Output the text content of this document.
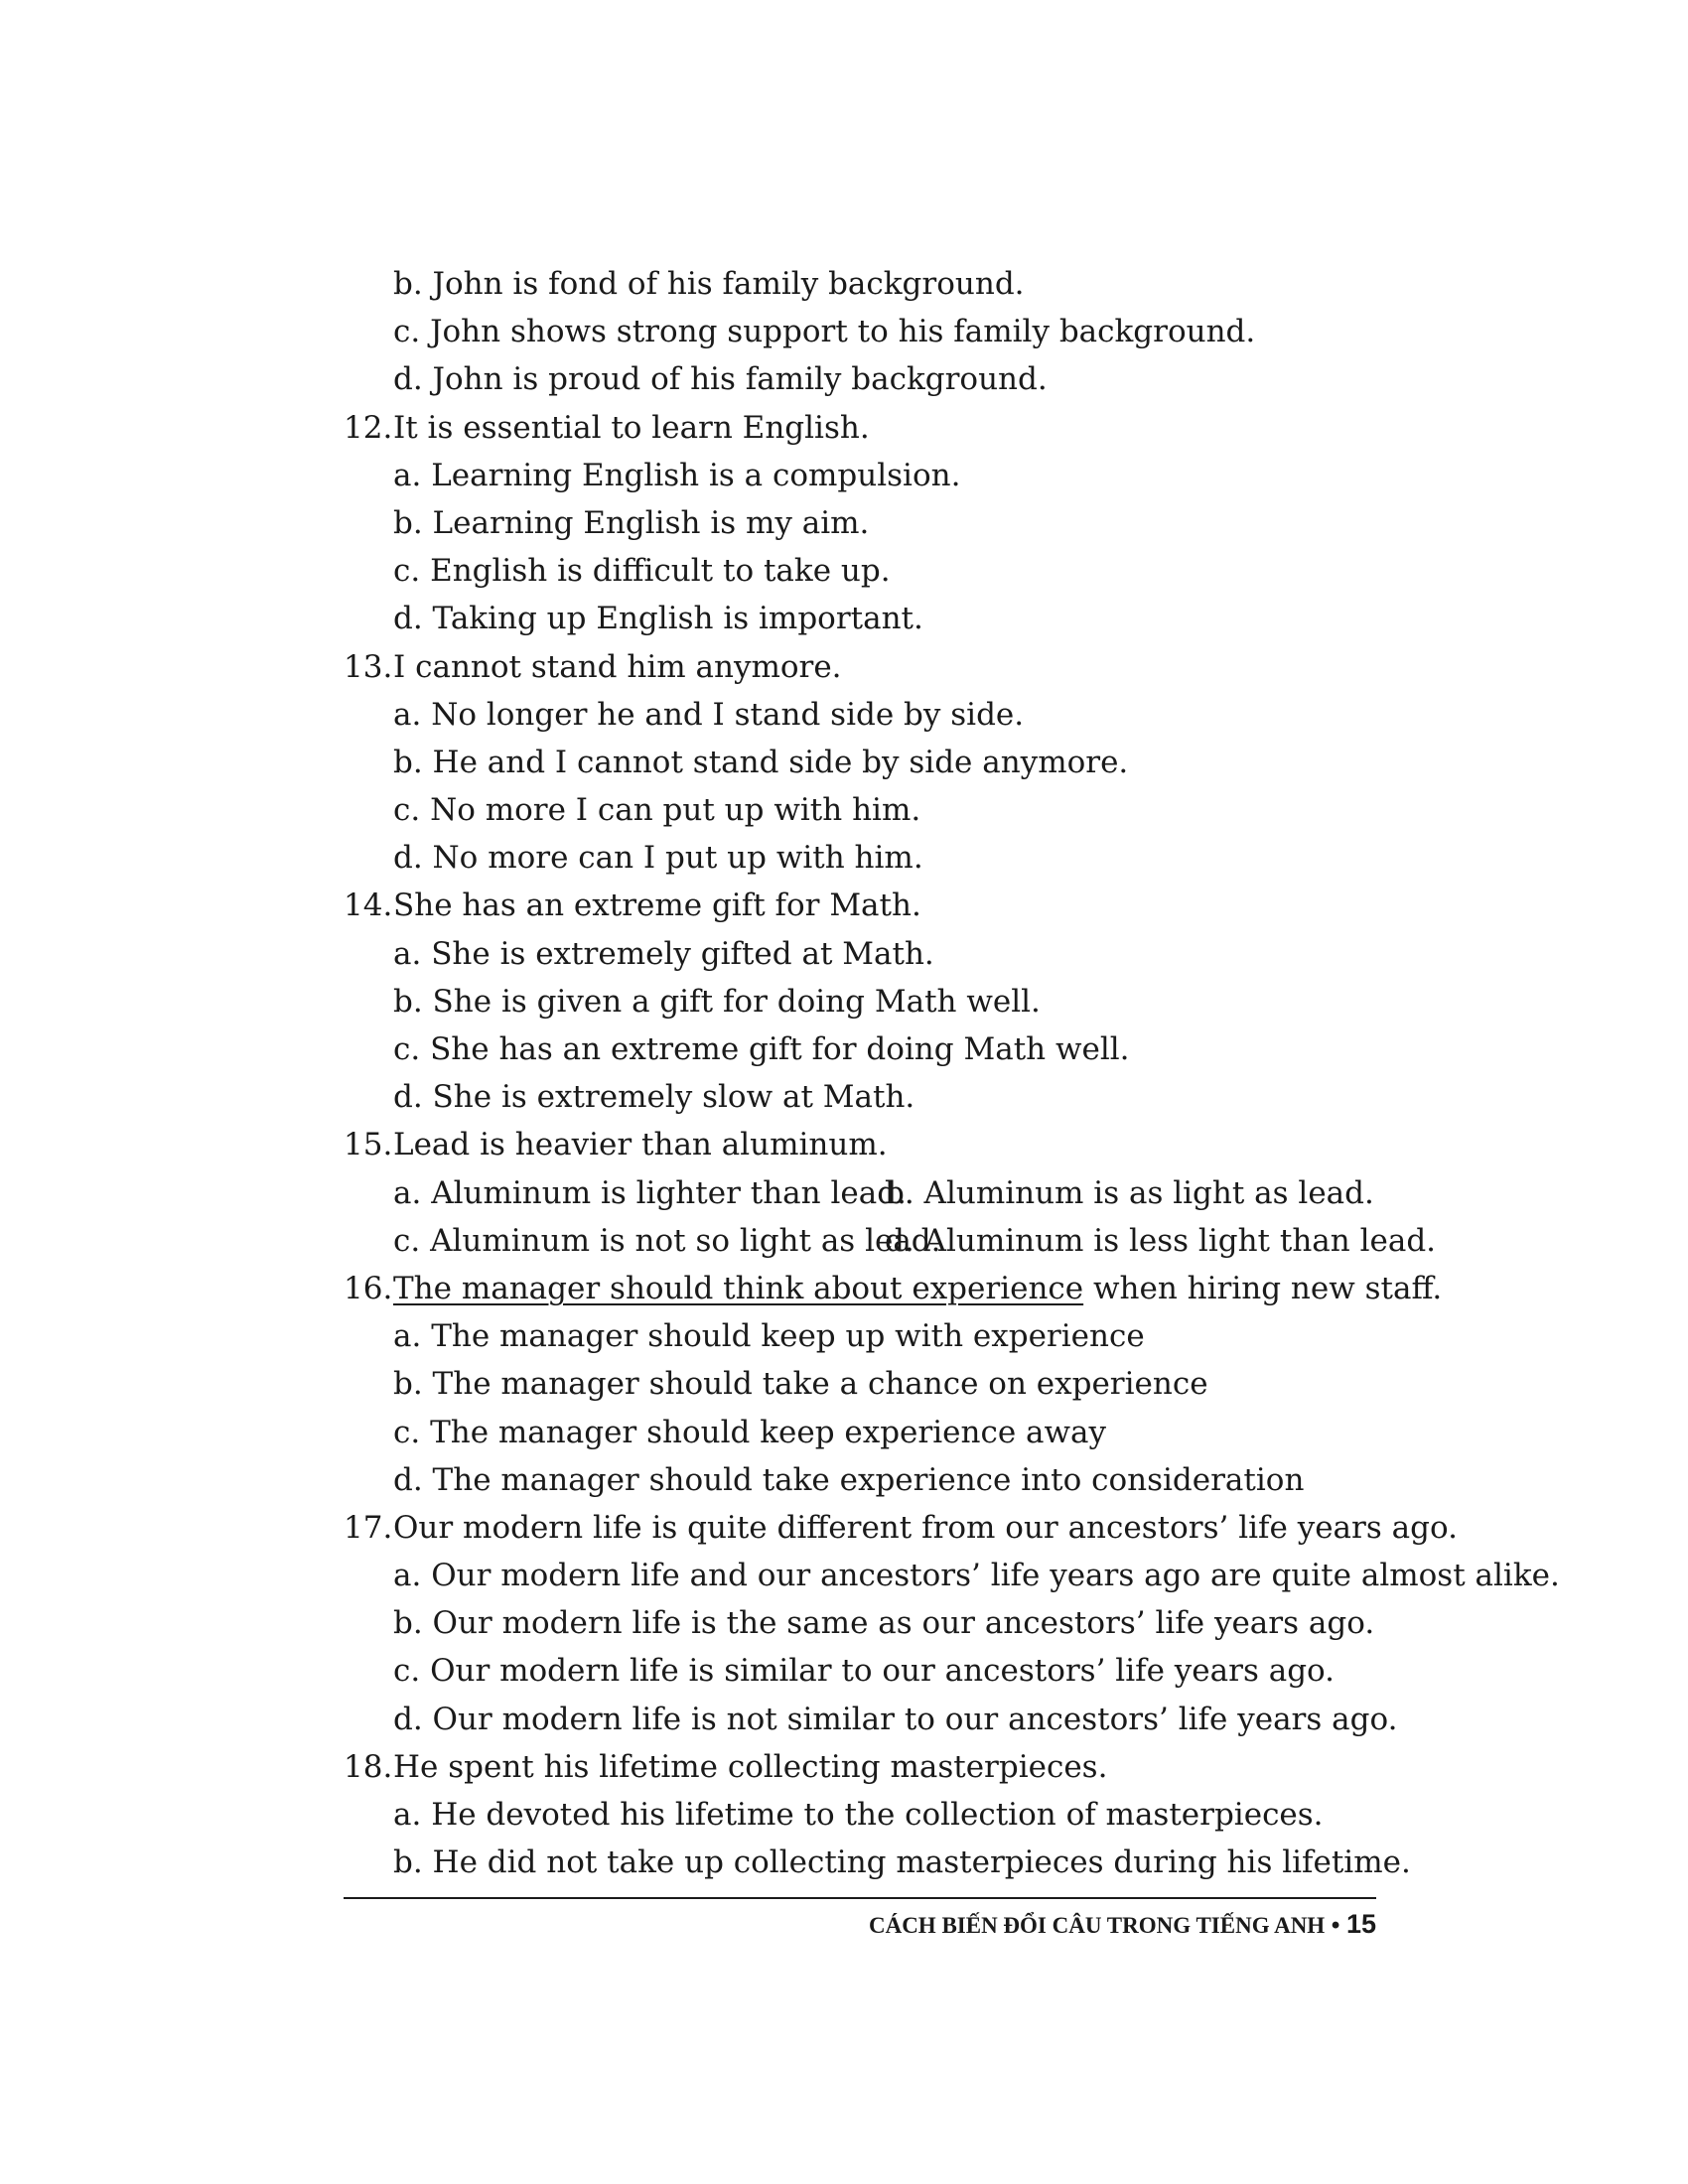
b. John is fond of his family background.
c. John shows strong support to his family background.
d. John is proud of his family background.
12.It is essential to learn English.
a. Learning English is a compulsion.
b. Learning English is my aim.
c. English is difficult to take up.
d. Taking up English is important.
13.I cannot stand him anymore.
a. No longer he and I stand side by side.
b. He and I cannot stand side by side anymore.
c. No more I can put up with him.
d. No more can I put up with him.
14.She has an extreme gift for Math.
a. She is extremely gifted at Math.
b. She is given a gift for doing Math well.
c. She has an extreme gift for doing Math well.
d. She is extremely slow at Math.
15.Lead is heavier than aluminum.
a. Aluminum is lighter than lead.b. Aluminum is as light as lead.
c. Aluminum is not so light as lead.d. Aluminum is less light than lead.
16.The manager should think about experience when hiring new staff.
a. The manager should keep up with experience
b. The manager should take a chance on experience
c. The manager should keep experience away
d. The manager should take experience into consideration
17.Our modern life is quite different from our ancestors’ life years ago.
a. Our modern life and our ancestors’ life years ago are quite almost alike.
b. Our modern life is the same as our ancestors’ life years ago.
c. Our modern life is similar to our ancestors’ life years ago.
d. Our modern life is not similar to our ancestors’ life years ago.
18.He spent his lifetime collecting masterpieces.
a. He devoted his lifetime to the collection of masterpieces.
b. He did not take up collecting masterpieces during his lifetime.
CÁCH BIẾN ĐỔI CÂU TRONG TIẾNG ANH • 15
